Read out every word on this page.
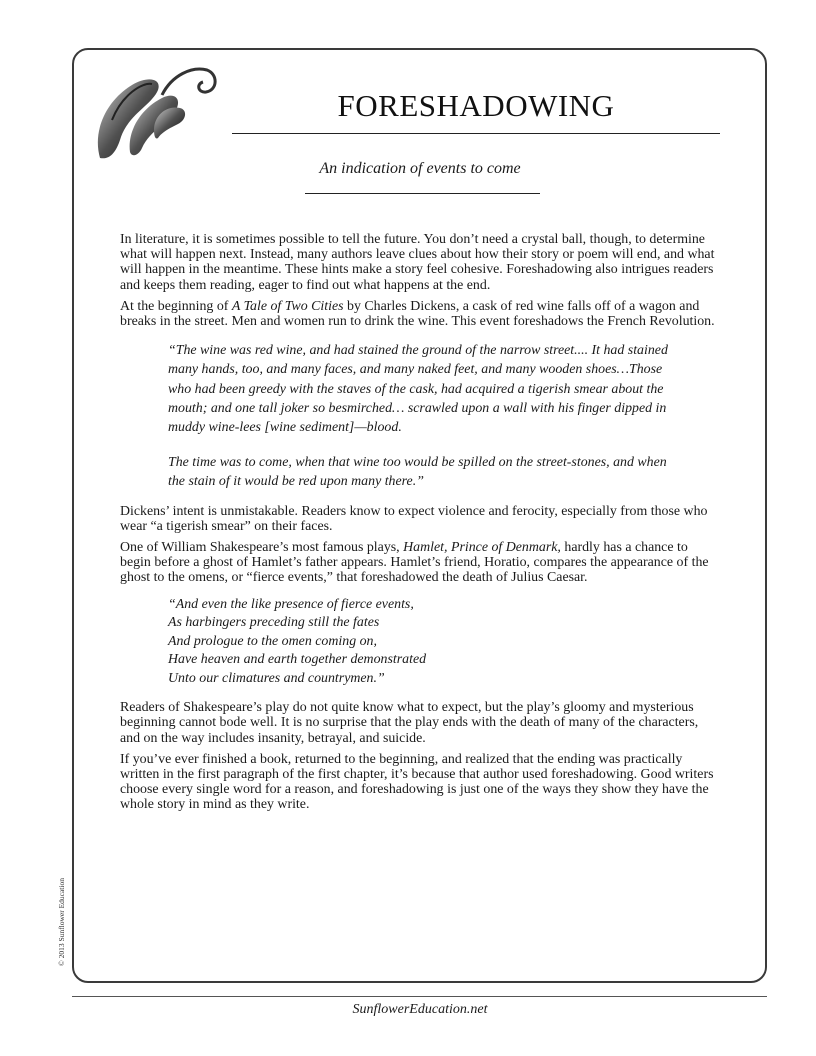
FORESHADOWING
An indication of events to come

In literature, it is sometimes possible to tell the future. You don’t need a crystal ball, though, to determine what will happen next. Instead, many authors leave clues about how their story or poem will end, and what will happen in the meantime. These hints make a story feel cohesive. Foreshadowing also intrigues readers and keeps them reading, eager to find out what happens at the end.

At the beginning of A Tale of Two Cities by Charles Dickens, a cask of red wine falls off of a wagon and breaks in the street. Men and women run to drink the wine. This event foreshadows the French Revolution.

“The wine was red wine, and had stained the ground of the narrow street.... It had stained many hands, too, and many faces, and many naked feet, and many wooden shoes…Those who had been greedy with the staves of the cask, had acquired a tigerish smear about the mouth; and one tall joker so besmirched… scrawled upon a wall with his finger dipped in muddy wine-lees [wine sediment]—blood.

The time was to come, when that wine too would be spilled on the street-stones, and when the stain of it would be red upon many there.”

Dickens’ intent is unmistakable. Readers know to expect violence and ferocity, especially from those who wear “a tigerish smear” on their faces.

One of William Shakespeare’s most famous plays, Hamlet, Prince of Denmark, hardly has a chance to begin before a ghost of Hamlet’s father appears. Hamlet’s friend, Horatio, compares the appearance of the ghost to the omens, or “fierce events,” that foreshadowed the death of Julius Caesar.

“And even the like presence of fierce events,
As harbingers preceding still the fates
And prologue to the omen coming on,
Have heaven and earth together demonstrated
Unto our climatures and countrymen.”

Readers of Shakespeare’s play do not quite know what to expect, but the play’s gloomy and mysterious beginning cannot bode well. It is no surprise that the play ends with the death of many of the characters, and on the way includes insanity, betrayal, and suicide.

If you’ve ever finished a book, returned to the beginning, and realized that the ending was practically written in the first paragraph of the first chapter, it’s because that author used foreshadowing. Good writers choose every single word for a reason, and foreshadowing is just one of the ways they show they have the whole story in mind as they write.

© 2013 Sunflower Education
SunflowerEducation.net
